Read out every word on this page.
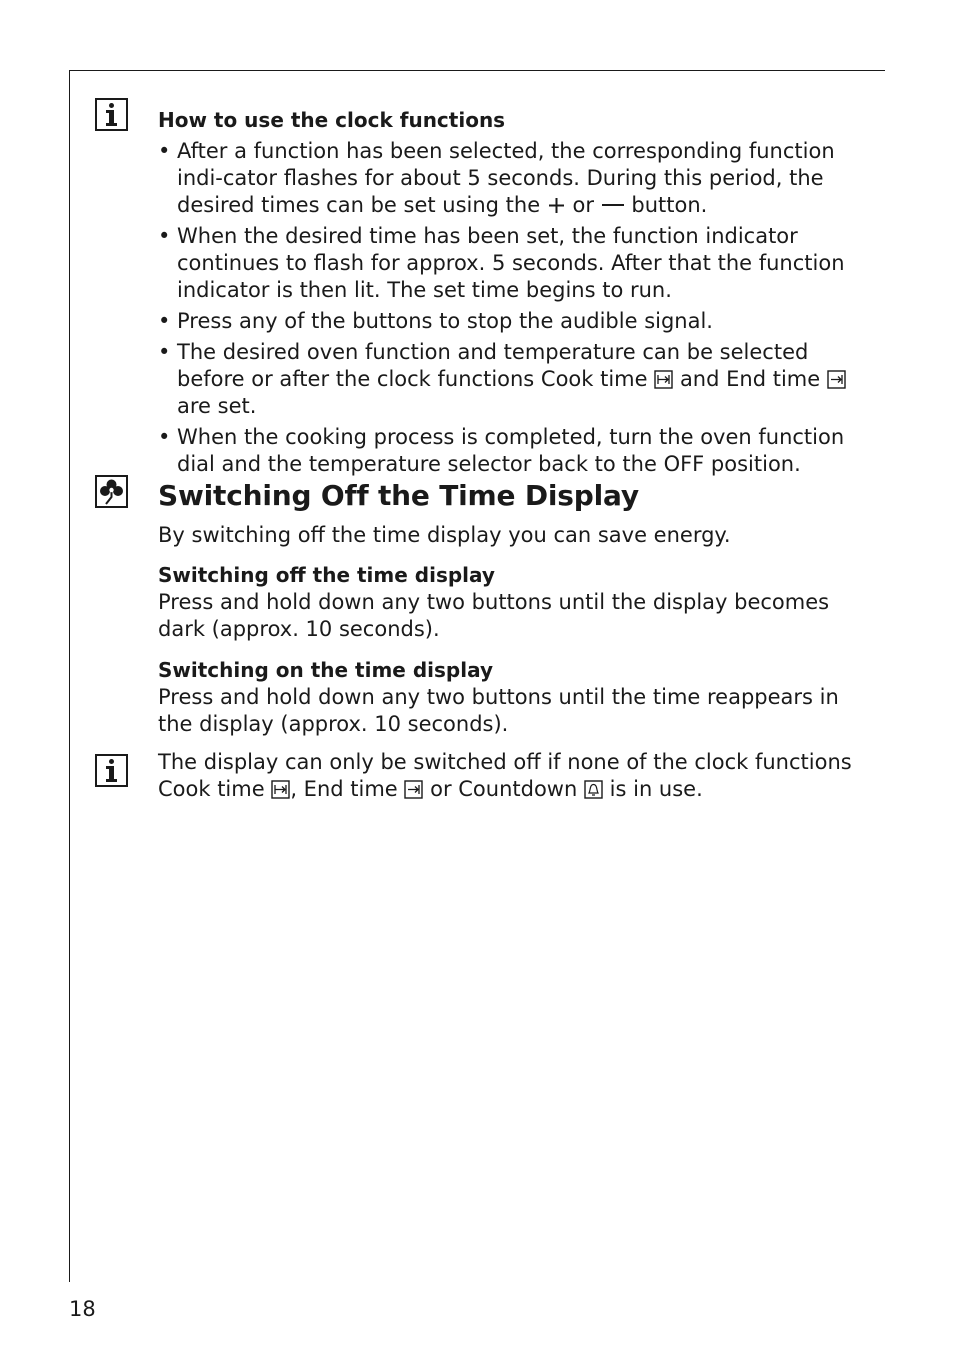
How to use the clock functions

• After a function has been selected, the corresponding function indi-cator flashes for about 5 seconds. During this period, the desired times can be set using the or button.
• When the desired time has been set, the function indicator continues to flash for approx. 5 seconds. After that the function indicator is then lit. The set time begins to run.
• Press any of the buttons to stop the audible signal.
• The desired oven function and temperature can be selected before or after the clock functions Cook time and End time
are set.
• When the cooking process is completed, turn the oven function dial and the temperature selector back to the OFF position.
Switching Off the Time Display

By switching off the time display you can save energy.

Switching off the time display

Press and hold down any two buttons until the display becomes dark (approx. 10 seconds).

Switching on the time display

Press and hold down any two buttons until the time reappears in the display (approx. 10 seconds).

The display can only be switched off if none of the clock functions Cook time , End time or Countdown is in use.

18
